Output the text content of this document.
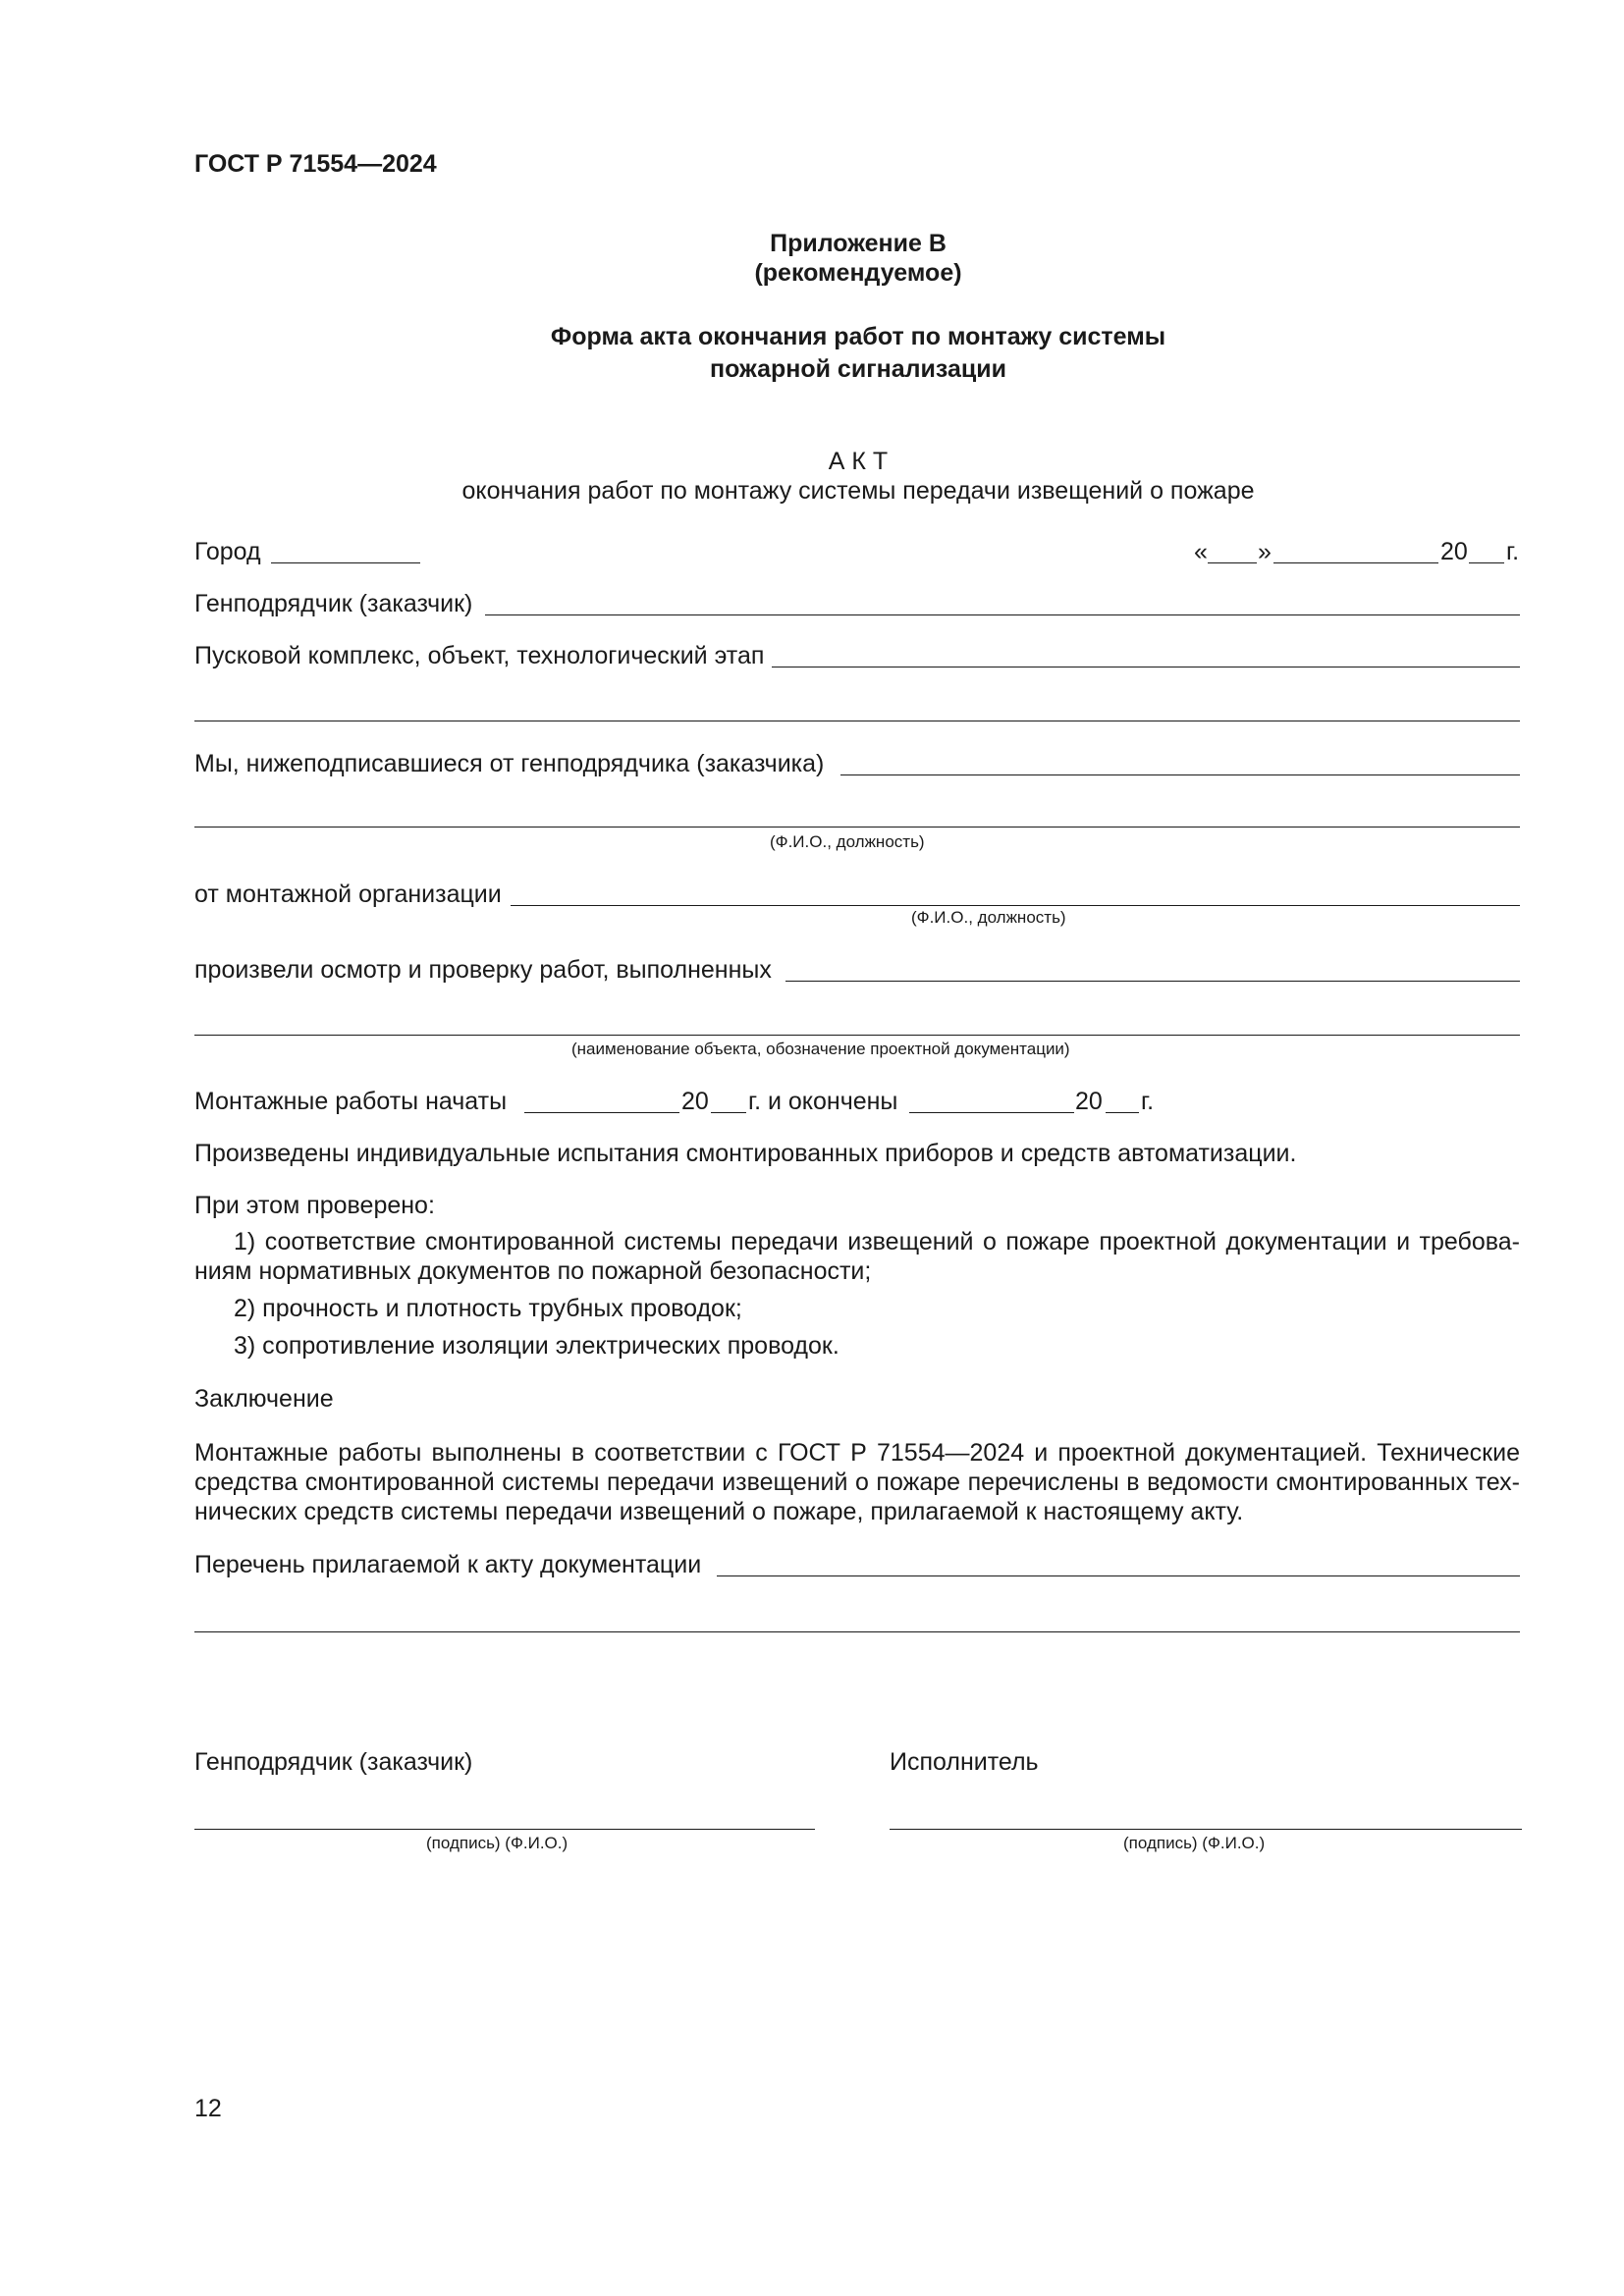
ГОСТ Р 71554—2024
Приложение В
(рекомендуемое)
Форма акта окончания работ по монтажу системы
пожарной сигнализации
А К Т
окончания работ по монтажу системы передачи извещений о пожаре
Город	« »	20 г.
Генподрядчик (заказчик)
Пусковой комплекс, объект, технологический этап
Мы, нижеподписавшиеся от генподрядчика (заказчика)
(Ф.И.О., должность)
от монтажной организации
(Ф.И.О., должность)
произвели осмотр и проверку работ, выполненных
(наименование объекта, обозначение проектной документации)
Монтажные работы начаты	20 г. и окончены	20 г.
Произведены индивидуальные испытания смонтированных приборов и средств автоматизации.
При этом проверено:
1) соответствие смонтированной системы передачи извещений о пожаре проектной документации и требова-
ниям нормативных документов по пожарной безопасности;
2) прочность и плотность трубных проводок;
3) сопротивление изоляции электрических проводок.
Заключение
Монтажные работы выполнены в соответствии с ГОСТ Р 71554—2024 и проектной документацией. Технические
средства смонтированной системы передачи извещений о пожаре перечислены в ведомости смонтированных тех-
нических средств системы передачи извещений о пожаре, прилагаемой к настоящему акту.
Перечень прилагаемой к акту документации
Генподрядчик (заказчик)
(подпись) (Ф.И.О.)
Исполнитель
(подпись) (Ф.И.О.)
12
